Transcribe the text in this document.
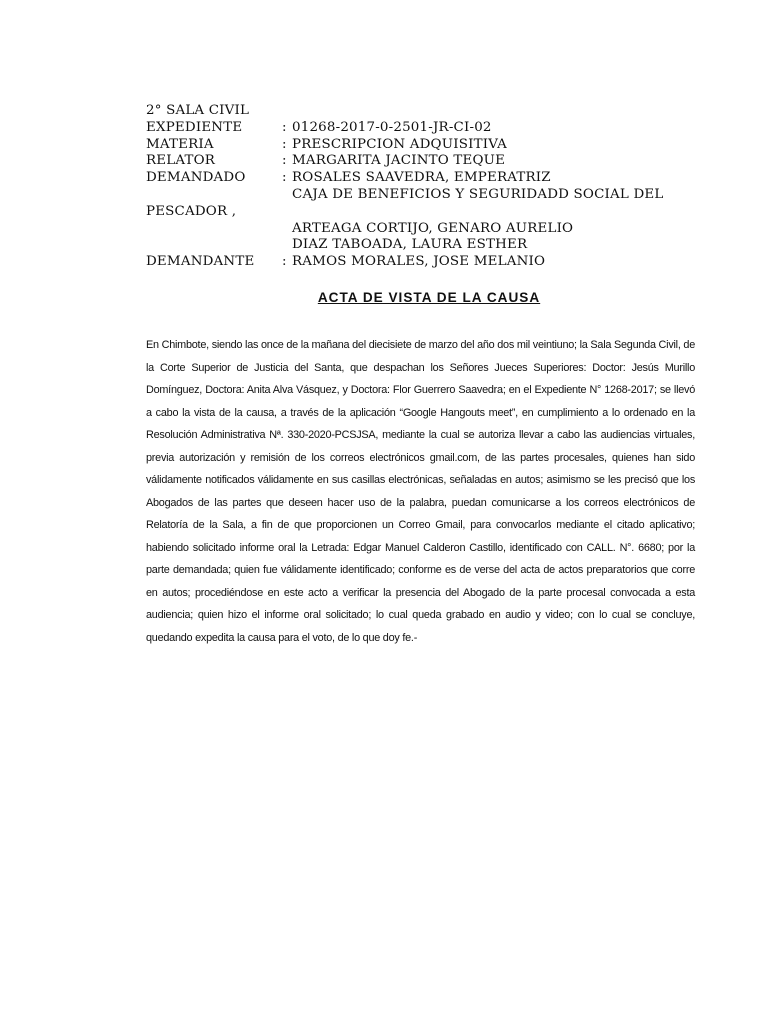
2° SALA CIVIL
EXPEDIENTE	: 01268-2017-0-2501-JR-CI-02
MATERIA	: PRESCRIPCION ADQUISITIVA
RELATOR	: MARGARITA JACINTO TEQUE
DEMANDADO	: ROSALES SAAVEDRA, EMPERATRIZ
CAJA DE BENEFICIOS Y SEGURIDADD SOCIAL DEL
PESCADOR ,
ARTEAGA CORTIJO, GENARO AURELIO
DIAZ TABOADA, LAURA ESTHER
DEMANDANTE	: RAMOS MORALES, JOSE MELANIO
ACTA DE VISTA DE LA CAUSA
En Chimbote, siendo las once de la mañana del diecisiete de marzo del año dos mil veintiuno; la Sala Segunda Civil, de la Corte Superior de Justicia del Santa, que despachan los Señores Jueces Superiores: Doctor: Jesús Murillo Domínguez, Doctora: Anita Alva Vásquez, y Doctora: Flor Guerrero Saavedra; en el Expediente N° 1268-2017; se llevó a cabo la vista de la causa, a través de la aplicación “Google Hangouts meet”, en cumplimiento a lo ordenado en la Resolución Administrativa Nª. 330-2020-PCSJSA, mediante la cual se autoriza llevar a cabo las audiencias virtuales, previa autorización y remisión de los correos electrónicos gmail.com, de las partes procesales, quienes han sido válidamente notificados válidamente en sus casillas electrónicas, señaladas en autos; asimismo se les precisó que los Abogados de las partes que deseen hacer uso de la palabra, puedan comunicarse a los correos electrónicos de Relatoría de la Sala, a fin de que proporcionen un Correo Gmail, para convocarlos mediante el citado aplicativo; habiendo solicitado informe oral la Letrada: Edgar Manuel Calderon Castillo, identificado con CALL. N°. 6680; por la parte demandada; quien fue válidamente identificado; conforme es de verse del acta de actos preparatorios que corre en autos; procediéndose en este acto a verificar la presencia del Abogado de la parte procesal convocada a esta audiencia; quien hizo el informe oral solicitado; lo cual queda grabado en audio y video; con lo cual se concluye, quedando expedita la causa para el voto, de lo que doy fe.-
